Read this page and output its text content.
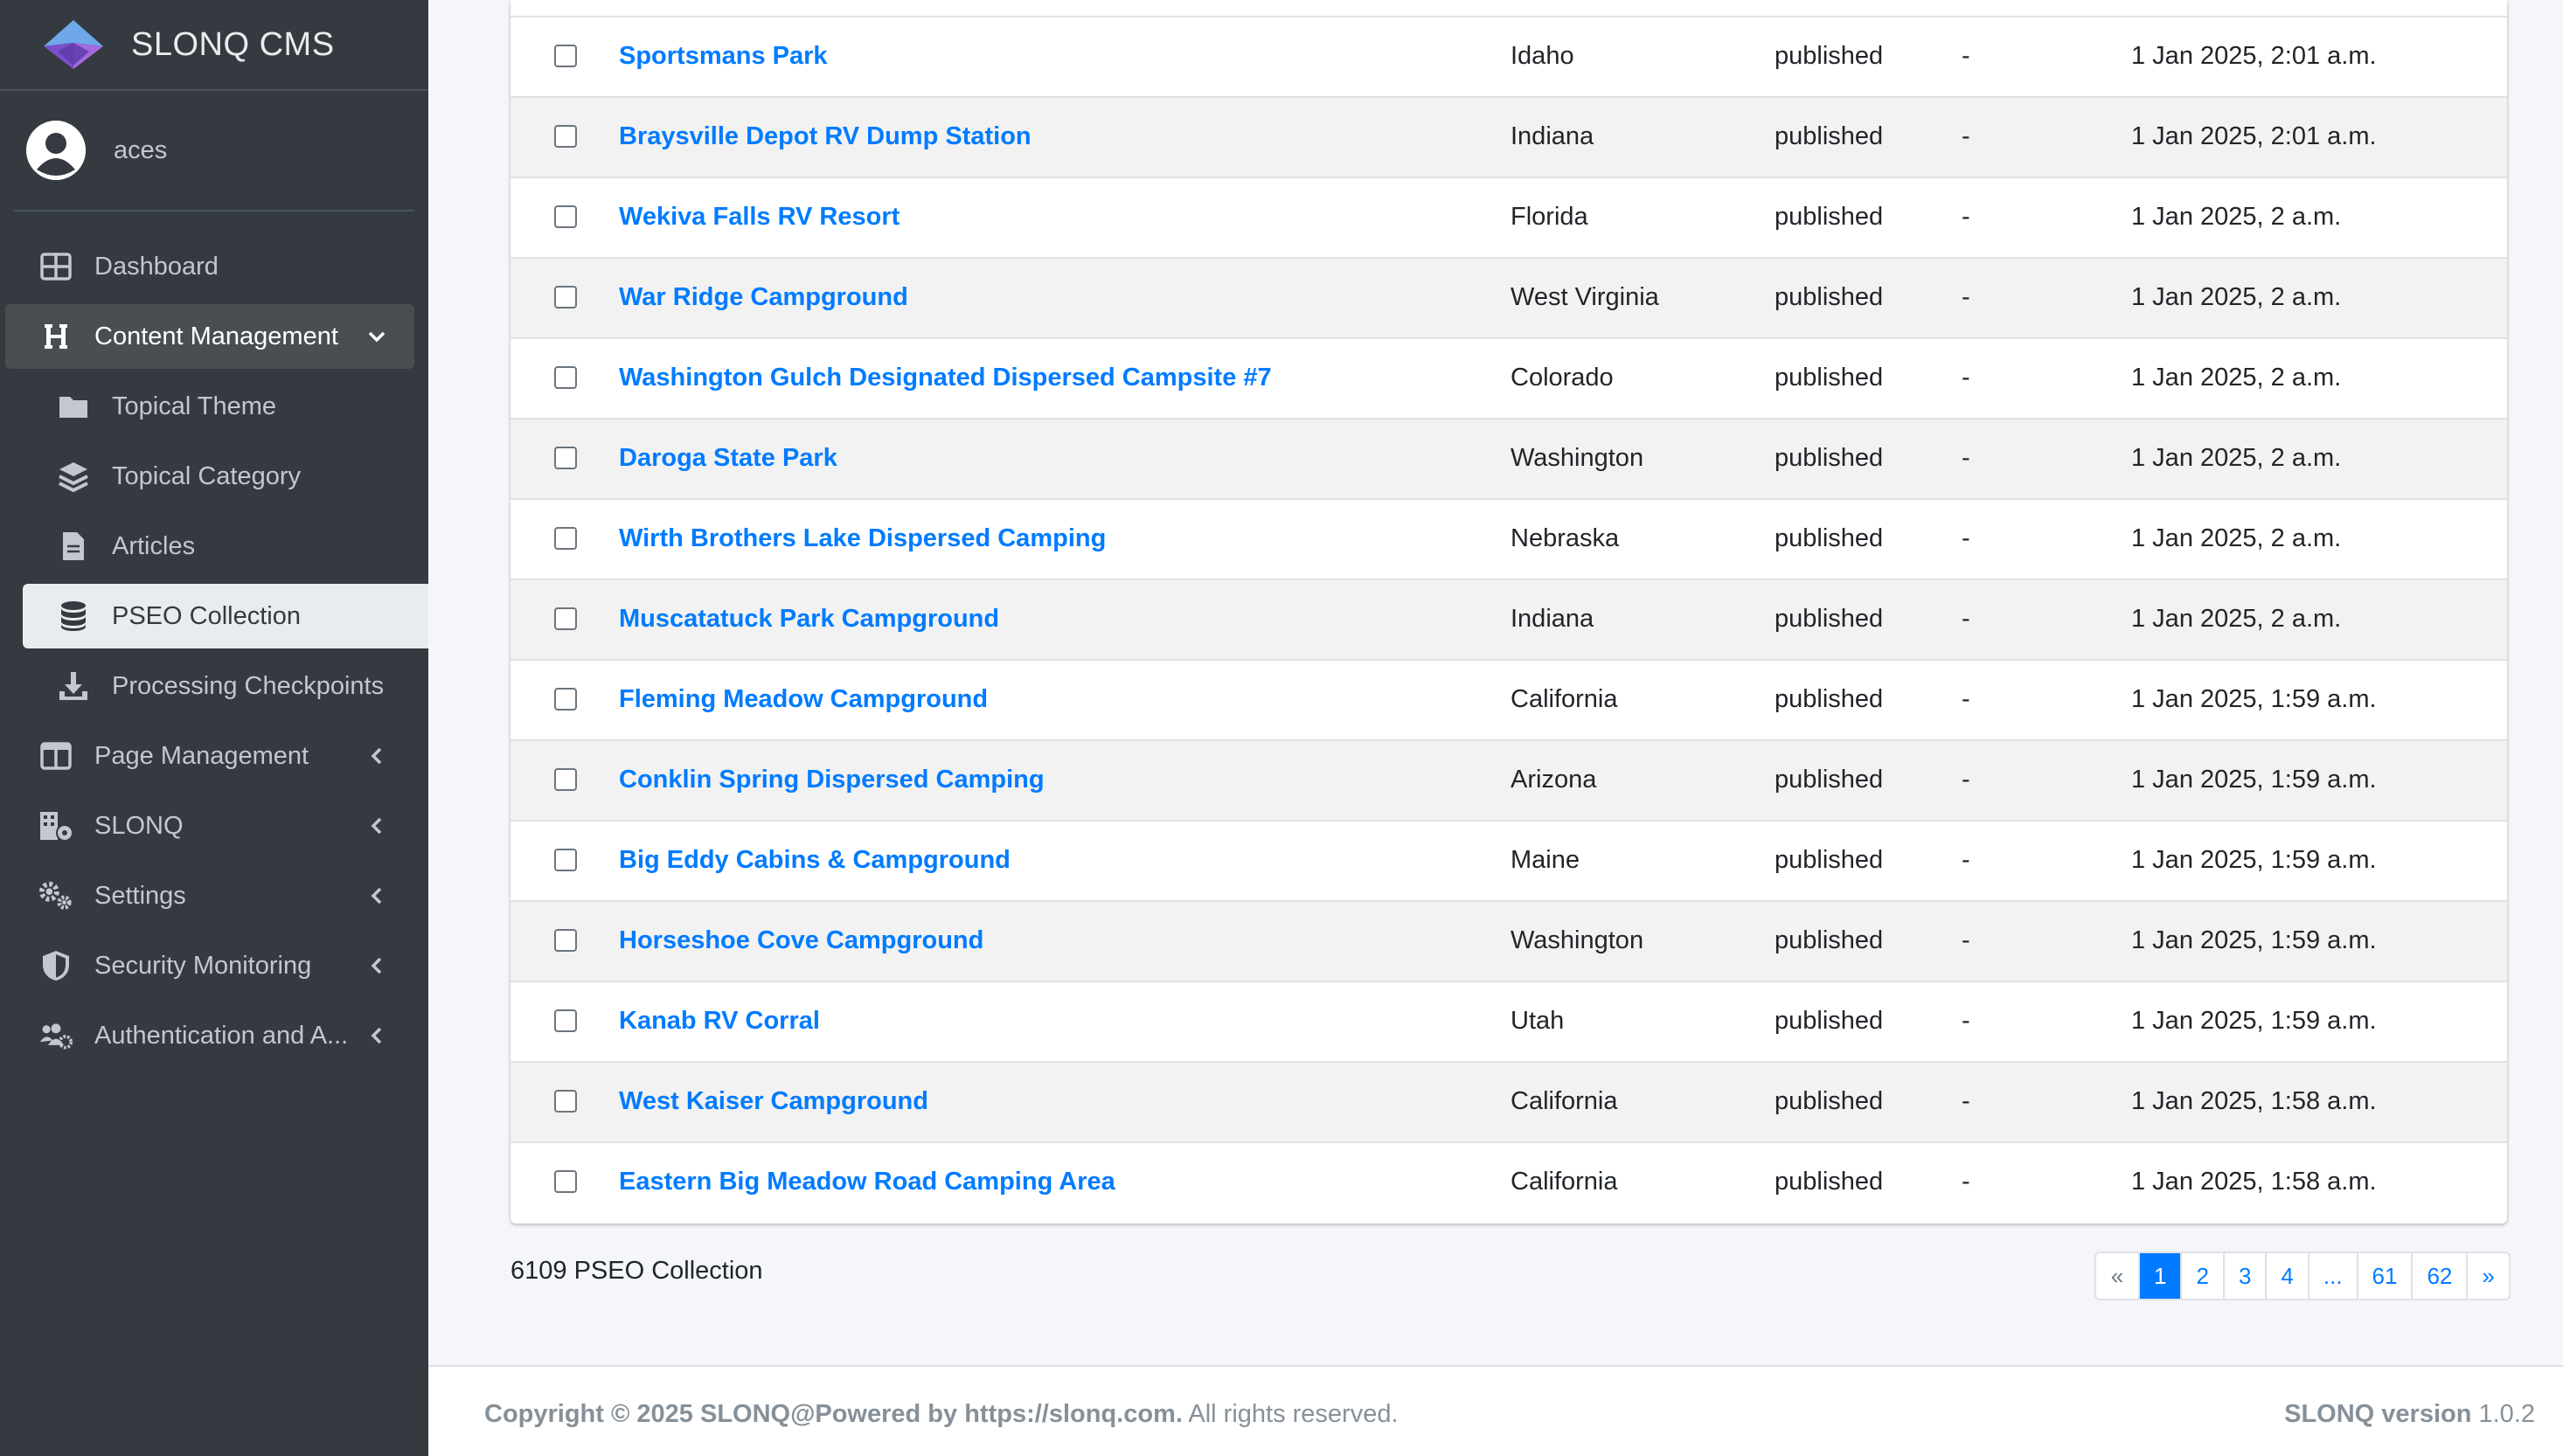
SLONQ CMS
aces
Dashboard
Content Management
Topical Theme
Topical Category
Articles
PSEO Collection
Processing Checkpoints
Page Management
SLONQ
Settings
Security Monitoring
Authentication and A...
Sportsmans Park	Idaho	published	-	1 Jan 2025, 2:01 a.m.
Braysville Depot RV Dump Station	Indiana	published	-	1 Jan 2025, 2:01 a.m.
Wekiva Falls RV Resort	Florida	published	-	1 Jan 2025, 2 a.m.
War Ridge Campground	West Virginia	published	-	1 Jan 2025, 2 a.m.
Washington Gulch Designated Dispersed Campsite #7	Colorado	published	-	1 Jan 2025, 2 a.m.
Daroga State Park	Washington	published	-	1 Jan 2025, 2 a.m.
Wirth Brothers Lake Dispersed Camping	Nebraska	published	-	1 Jan 2025, 2 a.m.
Muscatatuck Park Campground	Indiana	published	-	1 Jan 2025, 2 a.m.
Fleming Meadow Campground	California	published	-	1 Jan 2025, 1:59 a.m.
Conklin Spring Dispersed Camping	Arizona	published	-	1 Jan 2025, 1:59 a.m.
Big Eddy Cabins & Campground	Maine	published	-	1 Jan 2025, 1:59 a.m.
Horseshoe Cove Campground	Washington	published	-	1 Jan 2025, 1:59 a.m.
Kanab RV Corral	Utah	published	-	1 Jan 2025, 1:59 a.m.
West Kaiser Campground	California	published	-	1 Jan 2025, 1:58 a.m.
Eastern Big Meadow Road Camping Area	California	published	-	1 Jan 2025, 1:58 a.m.
6109 PSEO Collection	«	1	2	3	4	...	61	62	»
Copyright © 2025 SLONQ@Powered by https://slonq.com. All rights reserved.	SLONQ version 1.0.2
